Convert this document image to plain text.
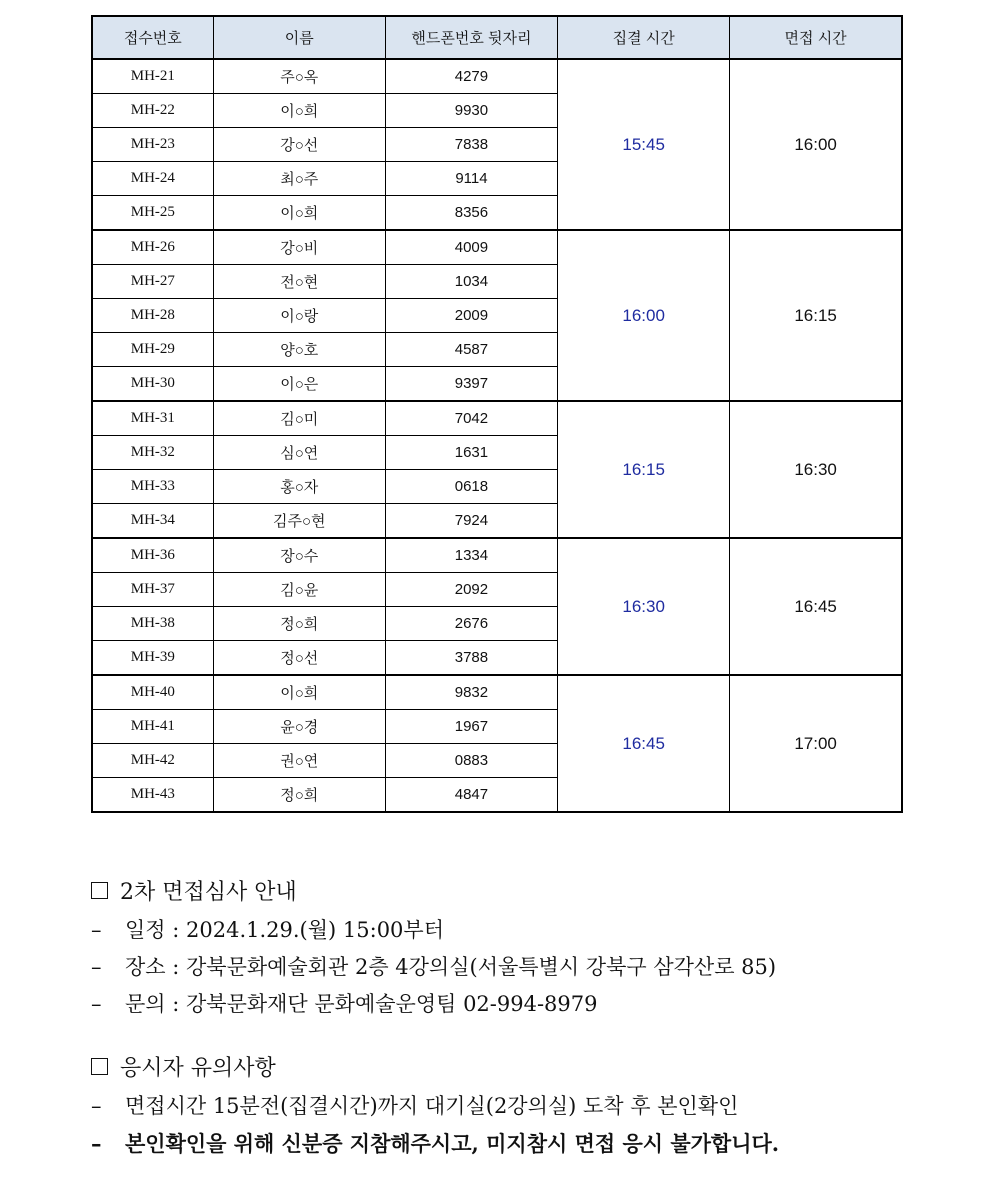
접수번호	이름	핸드폰번호 뒷자리	집결 시간	면접 시간
MH-21	주○옥	4279	15:45	16:00
MH-22	이○희	9930		
MH-23	강○선	7838		
MH-24	최○주	9114		
MH-25	이○희	8356		
MH-26	강○비	4009	16:00	16:15
MH-27	전○현	1034		
MH-28	이○랑	2009		
MH-29	양○호	4587		
MH-30	이○은	9397		
MH-31	김○미	7042	16:15	16:30
MH-32	심○연	1631		
MH-33	홍○자	0618		
MH-34	김주○현	7924		
MH-36	장○수	1334	16:30	16:45
MH-37	김○윤	2092		
MH-38	정○희	2676		
MH-39	정○선	3788		
MH-40	이○희	9832	16:45	17:00
MH-41	윤○경	1967		
MH-42	권○연	0883		
MH-43	정○희	4847		
2차 면접심사 안내

– 일정 : 2024.1.29.(월) 15:00부터

– 장소 : 강북문화예술회관 2층 4강의실(서울특별시 강북구 삼각산로 85)

– 문의 : 강북문화재단 문화예술운영팀 02-994-8979

응시자 유의사항

– 면접시간 15분전(집결시간)까지 대기실(2강의실) 도착 후 본인확인

– 본인확인을 위해 신분증 지참해주시고, 미지참시 면접 응시 불가합니다.
